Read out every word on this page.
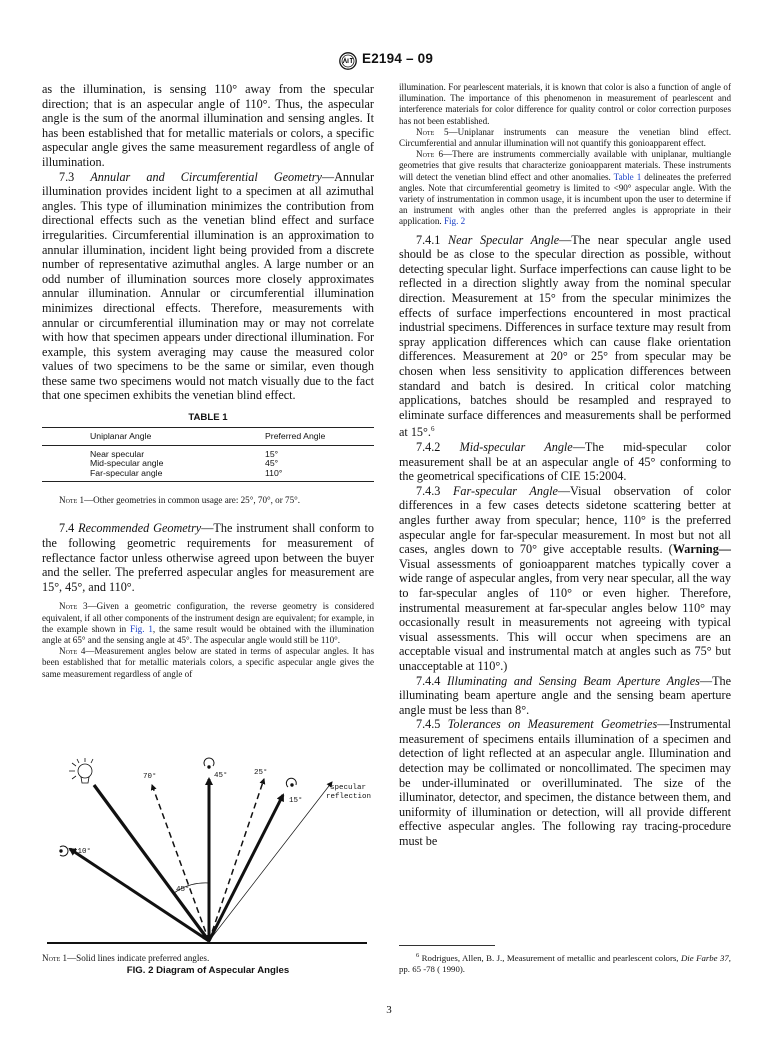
E2194 – 09

as the illumination, is sensing 110° away from the specular direction; that is an aspecular angle of 110°. Thus, the aspecular angle is the sum of the anormal illumination and sensing angles. It has been established that for metallic materials or colors, a specific aspecular angle gives the same measurement regardless of angle of illumination.

7.3 Annular and Circumferential Geometry—Annular illumination provides incident light to a specimen at all azimuthal angles. This type of illumination minimizes the contribution from directional effects such as the venetian blind effect and surface irregularities. Circumferential illumination is an approximation to annular illumination, incident light being provided from a discrete number of representative azimuthal angles. A large number or an odd number of illumination sources more closely approximates annular illumination. Annular or circumferential illumination minimizes directional effects. Therefore, measurements with annular or circumferential illumination may or may not correlate with how that specimen appears under directional illumination. For example, this system averaging may cause the measured color values of two specimens to be the same or similar, even though these same two specimens would not match visually due to the fact that one specimen exhibits the venetian blind effect.

TABLE 1
Uniplanar Angle	Preferred Angle
Near specular	15°
Mid-specular angle	45°
Far-specular angle	110°

Note 1—Other geometries in common usage are: 25°, 70°, or 75°.

7.4 Recommended Geometry—The instrument shall conform to the following geometric requirements for measurement of reflectance factor unless otherwise agreed upon between the buyer and the seller. The preferred aspecular angles for measurement are 15°, 45°, and 110°.

Note 3—Given a geometric configuration, the reverse geometry is considered equivalent, if all other components of the instrument design are equivalent; for example, in the example shown in Fig. 1, the same result would be obtained with the illumination angle at 65° and the sensing angle at 45°. The aspecular angle would still be 110°.

Note 4—Measurement angles below are stated in terms of aspecular angles. It has been established that for metallic materials colors, a specific aspecular angle gives the same measurement regardless of angle of

70°	45°	25°
15°
110°
45°
specular
reflection
Note 1—Solid lines indicate preferred angles.
FIG. 2 Diagram of Aspecular Angles

illumination. For pearlescent materials, it is known that color is also a function of angle of illumination. The importance of this phenomenon in measurement of pearlescent and interference materials for color difference for quality control or color correction purposes has not been established.

Note 5—Uniplanar instruments can measure the venetian blind effect. Circumferential and annular illumination will not quantify this gonioapparent effect.

Note 6—There are instruments commercially available with uniplanar, multiangle geometries that give results that characterize gonioapparent materials. These instruments will detect the venetian blind effect and other anomalies. Table 1 delineates the preferred angles. Note that circumferential geometry is limited to <90° aspecular angle. With the variety of instrumentation in common usage, it is incumbent upon the user to determine if an instrument with angles other than the preferred angles is appropriate in their application. Fig. 2

7.4.1 Near Specular Angle—The near specular angle used should be as close to the specular direction as possible, without detecting specular light. Surface imperfections can cause light to be reflected in a direction slightly away from the nominal specular direction. Measurement at 15° from the specular minimizes the effects of surface imperfections encountered in most practical industrial specimens. Differences in surface texture may result from spray application differences which can cause flake orientation differences. Measurement at 20° or 25° from specular may be chosen when less sensitivity to application differences between standard and batch is desired. In critical color matching applications, batches should be resampled and resprayed to eliminate surface differences and measurements shall be performed at 15°.$^6$

7.4.2 Mid-specular Angle—The mid-specular color measurement shall be at an aspecular angle of 45° conforming to the geometrical specifications of CIE 15:2004.

7.4.3 Far-specular Angle—Visual observation of color differences in a few cases detects sidetone scattering better at angles further away from specular; hence, 110° is the preferred aspecular angle for far-specular measurement. In most but not all cases, angles down to 70° give acceptable results. (Warning—Visual assessments of gonioapparent matches typically cover a wide range of aspecular angles, from very near specular, all the way to far-specular angles of 110° or even higher. Therefore, instrumental measurement at far-specular angles below 110° may occasionally result in measurements not agreeing with typical visual assessments. This will occur when specimens are an acceptable visual and instrumental match at angles such as 75° but unacceptable at 110°.)

7.4.4 Illuminating and Sensing Beam Aperture Angles—The illuminating beam aperture angle and the sensing beam aperture angle must be less than 8°.

7.4.5 Tolerances on Measurement Geometries—Instrumental measurement of specimens entails illumination of a specimen and detection of light reflected at an aspecular angle. Illumination and detection may be collimated or noncollimated. The specimen may be under-illuminated or overilluminated. The size of the illuminator, detector, and specimen, the distance between them, and uniformity of illumination or detection, will all provide different effective aspecular angles. The following ray tracing-procedure must be

$^6$ Rodrigues, Allen, B. J., Measurement of metallic and pearlescent colors, Die Farbe 37, pp. 65 -78 ( 1990).

3
